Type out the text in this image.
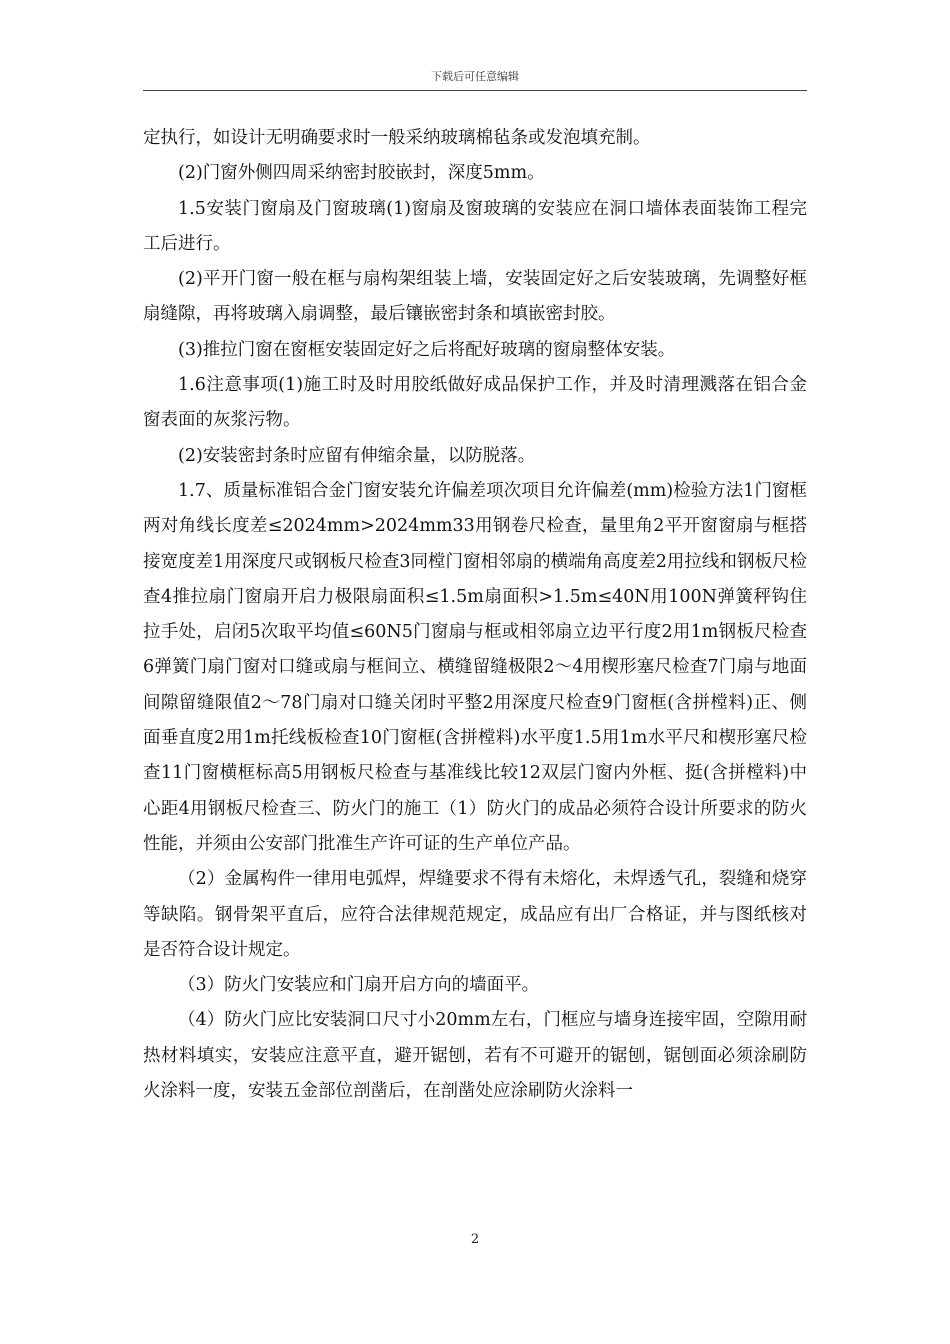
下载后可任意编辑

定执行，如设计无明确要求时一般采纳玻璃棉毡条或发泡填充制。

(2)门窗外侧四周采纳密封胶嵌封，深度5mm。

1.5安装门窗扇及门窗玻璃(1)窗扇及窗玻璃的安装应在洞口墙体表面装饰工程完工后进行。

(2)平开门窗一般在框与扇构架组装上墙，安装固定好之后安装玻璃，先调整好框扇缝隙，再将玻璃入扇调整，最后镶嵌密封条和填嵌密封胶。

(3)推拉门窗在窗框安装固定好之后将配好玻璃的窗扇整体安装。

1.6注意事项(1)施工时及时用胶纸做好成品保护工作，并及时清理溅落在铝合金窗表面的灰浆污物。

(2)安装密封条时应留有伸缩余量，以防脱落。

1.7、质量标准铝合金门窗安装允许偏差项次项目允许偏差(mm)检验方法1门窗框两对角线长度差≤2024mm>2024mm33用钢卷尺检查，量里角2平开窗窗扇与框搭接宽度差1用深度尺或钢板尺检查3同樘门窗相邻扇的横端角高度差2用拉线和钢板尺检查4推拉扇门窗扇开启力极限扇面积≤1.5m扇面积>1.5m≤40N用100N弹簧秤钩住拉手处，启闭5次取平均值≤60N5门窗扇与框或相邻扇立边平行度2用1m钢板尺检查6弹簧门扇门窗对口缝或扇与框间立、横缝留缝极限2～4用楔形塞尺检查7门扇与地面间隙留缝限值2～78门扇对口缝关闭时平整2用深度尺检查9门窗框(含拼樘料)正、侧面垂直度2用1m托线板检查10门窗框(含拼樘料)水平度1.5用1m水平尺和楔形塞尺检查11门窗横框标高5用钢板尺检查与基准线比较12双层门窗内外框、挺(含拼樘料)中心距4用钢板尺检查三、防火门的施工（1）防火门的成品必须符合设计所要求的防火性能，并须由公安部门批准生产许可证的生产单位产品。

（2）金属构件一律用电弧焊，焊缝要求不得有未熔化，未焊透气孔，裂缝和烧穿等缺陷。钢骨架平直后，应符合法律规范规定，成品应有出厂合格证，并与图纸核对是否符合设计规定。

（3）防火门安装应和门扇开启方向的墙面平。

（4）防火门应比安装洞口尺寸小20mm左右，门框应与墙身连接牢固，空隙用耐热材料填实，安装应注意平直，避开锯刨，若有不可避开的锯刨，锯刨面必须涂刷防火涂料一度，安装五金部位剖凿后，在剖凿处应涂刷防火涂料一

2
